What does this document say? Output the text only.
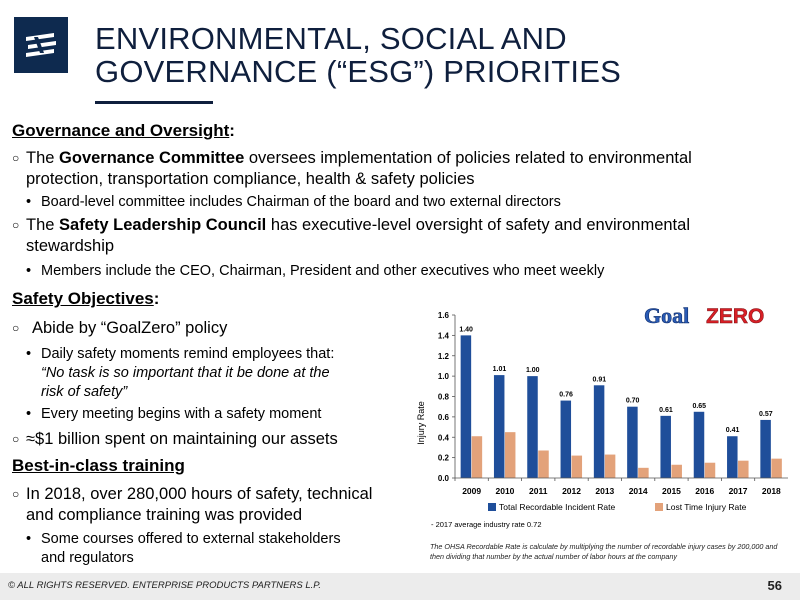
ENVIRONMENTAL, SOCIAL AND GOVERNANCE (“ESG”) PRIORITIES
Governance and Oversight:
○ The Governance Committee oversees implementation of policies related to environmental
protection, transportation compliance, health & safety policies
• Board-level committee includes Chairman of the board and two external directors
○ The Safety Leadership Council has executive-level oversight of safety and environmental
stewardship
• Members include the CEO, Chairman, President and other executives who meet weekly
Safety Objectives:
○ Abide by “GoalZero” policy
• Daily safety moments remind employees that:
“No task is so important that it be done at the
risk of safety”
• Every meeting begins with a safety moment
○ ≈$1 billion spent on maintaining our assets
Best-in-class training
○ In 2018, over 280,000 hours of safety, technical
and compliance training was provided
• Some courses offered to external stakeholders
and regulators
Goal ZERO
0.0
0.2
0.4
0.6
0.8
1.0
1.2
1.4
1.6
1.40
1.01	1.00
0.76
0.91
0.70
0.61
0.65
0.41
0.57
2009 2010 2011 2012 2013 2014 2015 2016 2017 2018
Injury Rate
Total Recordable Incident Rate	Lost Time Injury Rate
- 2017 average industry rate 0.72
The OHSA Recordable Rate is calculate by multiplying the number of recordable injury cases by 200,000 and then dividing that number by the actual number of labor hours at the company
© ALL RIGHTS RESERVED. ENTERPRISE PRODUCTS PARTNERS L.P.	56
